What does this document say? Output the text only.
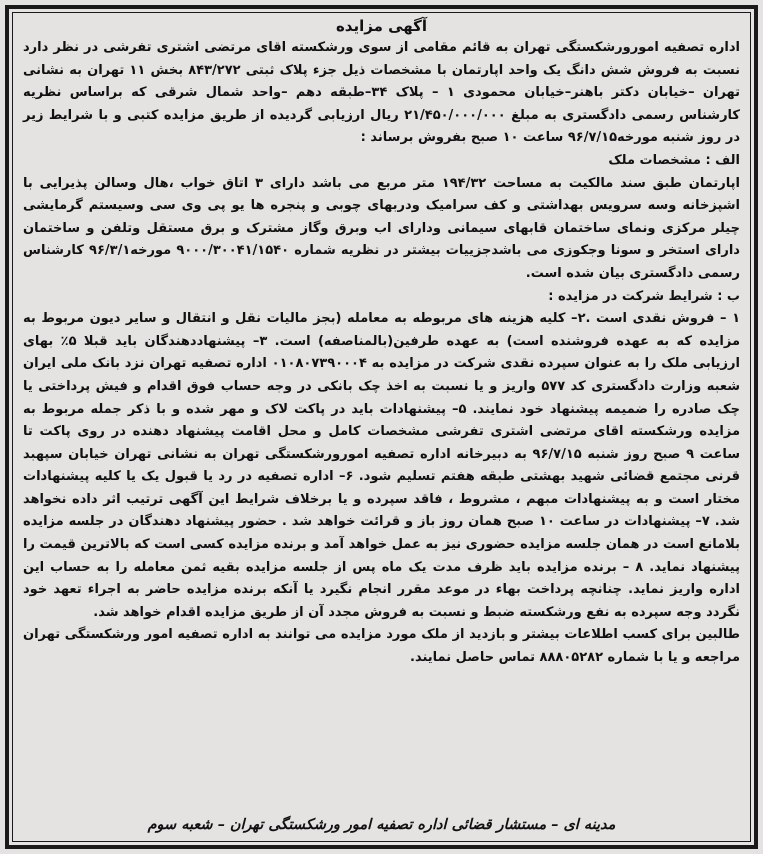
آگهی مزایده

اداره تصفیه امورورشکستگی تهران به قائم مقامی از سوی ورشکسته اقای مرتضی اشتری تفرشی در نظر دارد نسبت به فروش شش دانگ یک واحد اپارتمان با مشخصات ذیل جزء پلاک ثبتی ۸۴۳/۲۷۲ بخش ۱۱ تهران به نشانی تهران –خیابان دکتر باهنر–خیابان محمودی ۱ – پلاک ۳۴–طبقه دهم –واحد شمال شرقی که براساس نظریه کارشناس رسمی دادگستری به مبلغ ۲۱/۴۵۰/۰۰۰/۰۰۰ ریال ارزیابی گردیده از طریق مزایده کتبی و با شرایط زیر در روز شنبه مورخه۹۶/۷/۱۵ ساعت ۱۰ صبح بفروش برساند :

الف : مشخصات ملک

اپارتمان طبق سند مالکیت به مساحت ۱۹۴/۳۲ متر مربع می باشد دارای ۳ اتاق خواب ،هال وسالن پذیرایی با اشپزخانه وسه سرویس بهداشتی و کف سرامیک ودربهای چوبی و پنجره ها یو پی وی سی وسیستم گرمایشی چیلر مرکزی ونمای ساختمان قابهای سیمانی ودارای اب وبرق وگاز مشترک و برق مستقل وتلفن و ساختمان دارای استخر و سونا وجکوزی می باشدجزییات بیشتر در نظریه شماره ۹۰۰۰/۳۰۰۴۱/۱۵۴۰ مورخه۹۶/۳/۱ کارشناس رسمی دادگستری بیان شده است.

ب : شرایط شرکت در مزایده :

۱ – فروش نقدی است .۲– کلیه هزینه های مربوطه به معامله (بجز مالیات نقل و انتقال و سایر دیون مربوط به مزایده که به عهده فروشنده است) به عهده طرفین(بالمناصفه) است. ۳– پیشنهاددهندگان باید قبلا ۵٪ بهای ارزیابی ملک را به عنوان سپرده نقدی شرکت در مزایده به ۰۱۰۸۰۷۳۹۰۰۰۴ اداره تصفیه تهران نزد بانک ملی ایران شعبه وزارت دادگستری کد ۵۷۷ واریز و یا نسبت به اخذ چک بانکی در وجه حساب فوق اقدام و فیش پرداختی یا چک صادره را ضمیمه پیشنهاد خود نمایند. ۵– پیشنهادات باید در پاکت لاک و مهر شده و با ذکر جمله مربوط به مزایده ورشکسته اقای مرتضی اشتری تفرشی مشخصات کامل و محل اقامت پیشنهاد دهنده در روی پاکت تا ساعت ۹ صبح روز شنبه ۹۶/۷/۱۵ به دبیرخانه اداره تصفیه امورورشکستگی تهران به نشانی تهران خیابان سپهبد قرنی مجتمع قضائی شهید بهشتی طبقه هفتم تسلیم شود. ۶– اداره تصفیه در رد یا قبول یک یا کلیه پیشنهادات مختار است و به پیشنهادات مبهم ، مشروط ، فاقد سپرده و یا برخلاف شرایط این آگهی ترتیب اثر داده نخواهد شد. ۷– پیشنهادات در ساعت ۱۰ صبح همان روز باز و قرائت خواهد شد . حضور پیشنهاد دهندگان در جلسه مزایده بلامانع است در همان جلسه مزایده حضوری نیز به عمل خواهد آمد و برنده مزایده کسی است که بالاترین قیمت را پیشنهاد نماید. ۸ – برنده مزایده باید ظرف مدت یک ماه پس از جلسه مزایده بقیه ثمن معامله را به حساب این اداره واریز نماید. چنانچه پرداخت بهاء در موعد مقرر انجام نگیرد یا آنکه برنده مزایده حاضر به اجراء تعهد خود نگردد وجه سپرده به نفع ورشکسته ضبط و نسبت به فروش مجدد آن از طریق مزایده اقدام خواهد شد.

طالبین برای کسب اطلاعات بیشتر و بازدید از ملک مورد مزایده می توانند به اداره تصفیه امور ورشکستگی تهران مراجعه و یا با شماره ۸۸۸۰۵۲۸۲ تماس حاصل نمایند.

مدینه ای – مستشار قضائی اداره تصفیه امور ورشکستگی تهران – شعبه سوم
